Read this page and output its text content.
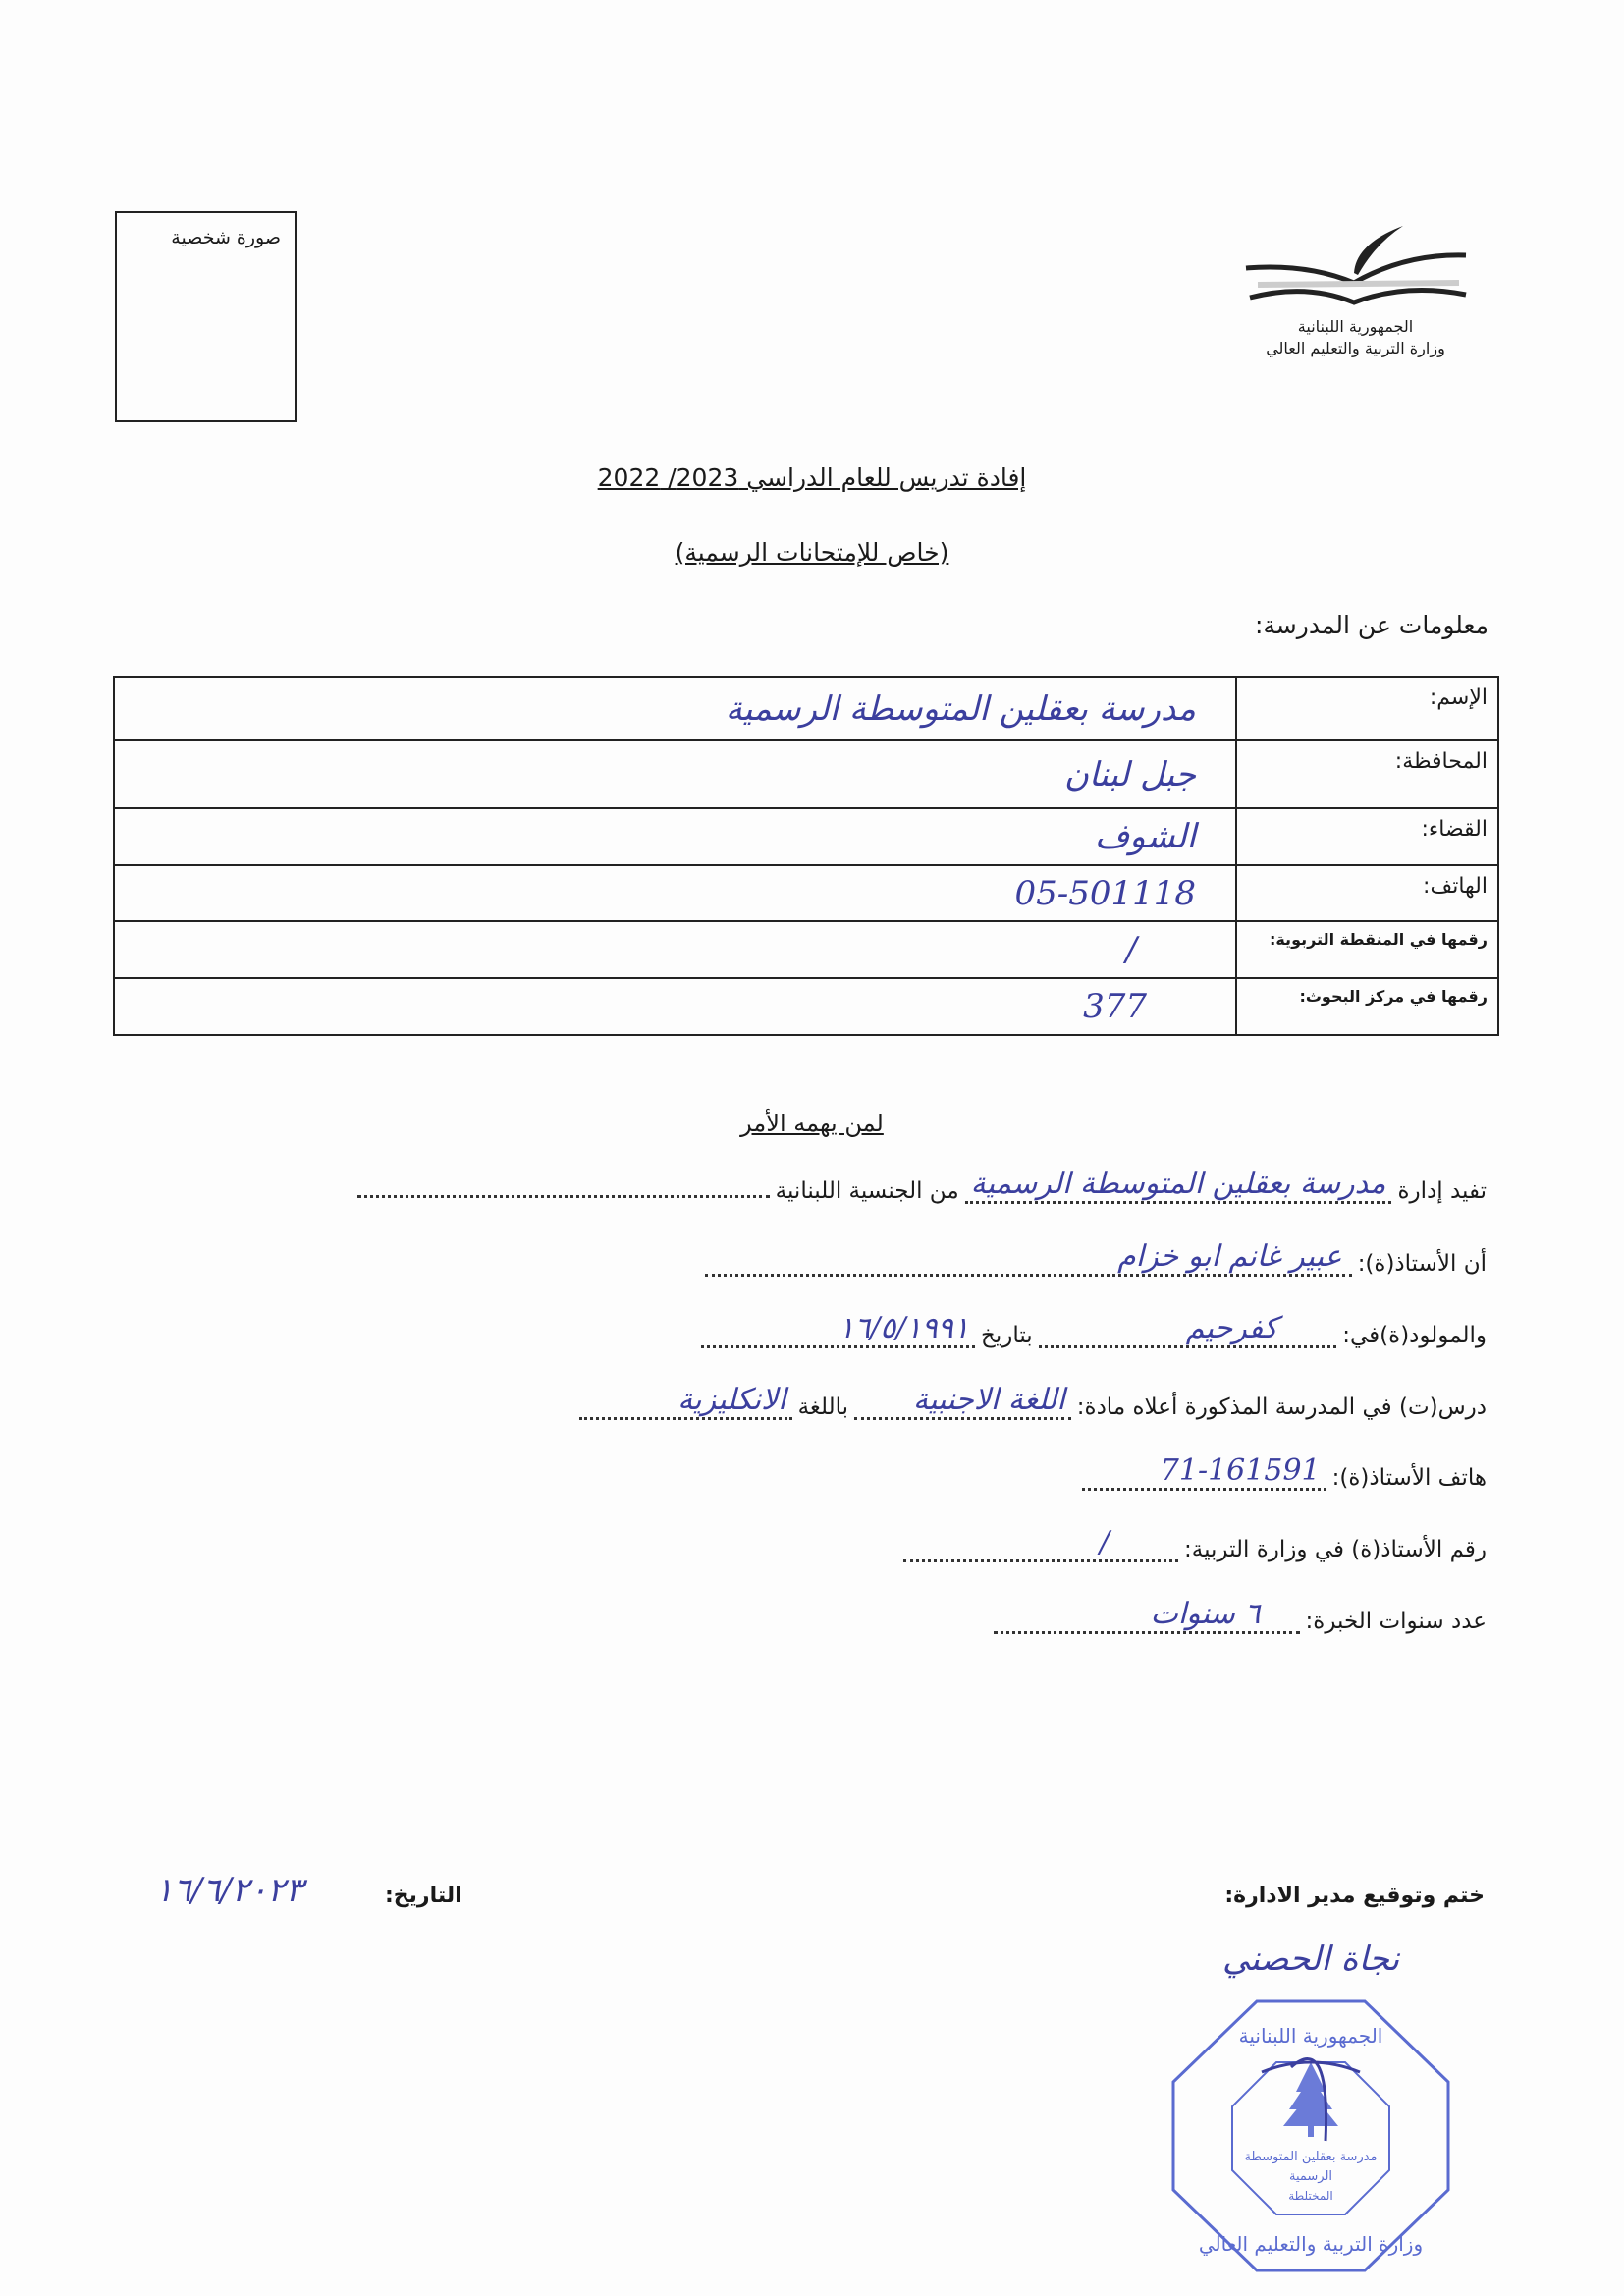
صورة شخصية
الجمهورية اللبنانية
وزارة التربية والتعليم العالي
إفادة تدريس للعام الدراسي 2023/ 2022
(خاص للإمتحانات الرسمية)
معلومات عن المدرسة:
الإسم:	مدرسة بعقلين المتوسطة الرسمية
المحافظة:	جبل لبنان
القضاء:	الشوف
الهاتف:	05-501118
رقمها في المنقطة التربوية:	/
رقمها في مركز البحوث:	377
لمن يهمه الأمر
تفيد إدارة
مدرسة بعقلين المتوسطة الرسمية
من الجنسية اللبنانية
أن الأستاذ(ة):
عبير غانم ابو خزام
والمولود(ة)في:
كفرحيم
بتاريخ
١٦/٥/١٩٩١
درس(ت) في المدرسة المذكورة أعلاه مادة:
اللغة الاجنبية
باللغة
الانكليزية
هاتف الأستاذ(ة):
71-161591
رقم الأستاذ(ة) في وزارة التربية:
/
عدد سنوات الخبرة:
٦ سنوات
ختم وتوقيع مدير الادارة:
التاريخ:
١٦/٦/٢٠٢٣
نجاة الحصني
مدرسة بعقلين المتوسطة
الرسمية
المختلطة
وزارة التربية والتعليم العالي
الجمهورية اللبنانية
